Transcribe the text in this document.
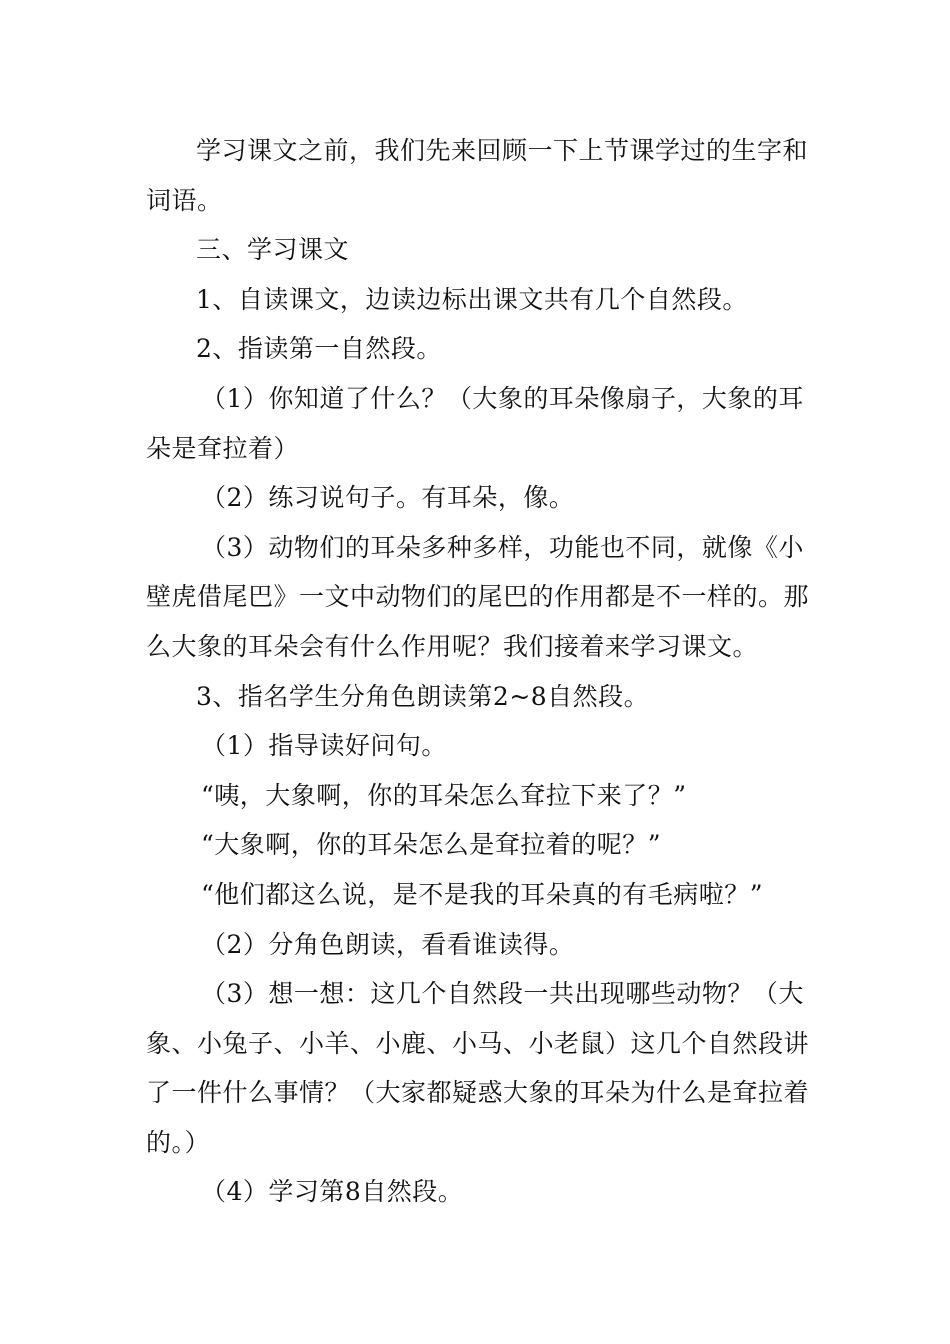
学习课文之前，我们先来回顾一下上节课学过的生字和词语。

三、学习课文

1、自读课文，边读边标出课文共有几个自然段。

2、指读第一自然段。

（1）你知道了什么？（大象的耳朵像扇子，大象的耳朵是耷拉着）

（2）练习说句子。有耳朵，像。

（3）动物们的耳朵多种多样，功能也不同，就像《小壁虎借尾巴》一文中动物们的尾巴的作用都是不一样的。那么大象的耳朵会有什么作用呢？我们接着来学习课文。

3、指名学生分角色朗读第2~8自然段。

（1）指导读好问句。

“咦，大象啊，你的耳朵怎么耷拉下来了？”

“大象啊，你的耳朵怎么是耷拉着的呢？”

“他们都这么说，是不是我的耳朵真的有毛病啦？”

（2）分角色朗读，看看谁读得。

（3）想一想：这几个自然段一共出现哪些动物？（大象、小兔子、小羊、小鹿、小马、小老鼠）这几个自然段讲了一件什么事情？（大家都疑惑大象的耳朵为什么是耷拉着的。）

（4）学习第8自然段。
